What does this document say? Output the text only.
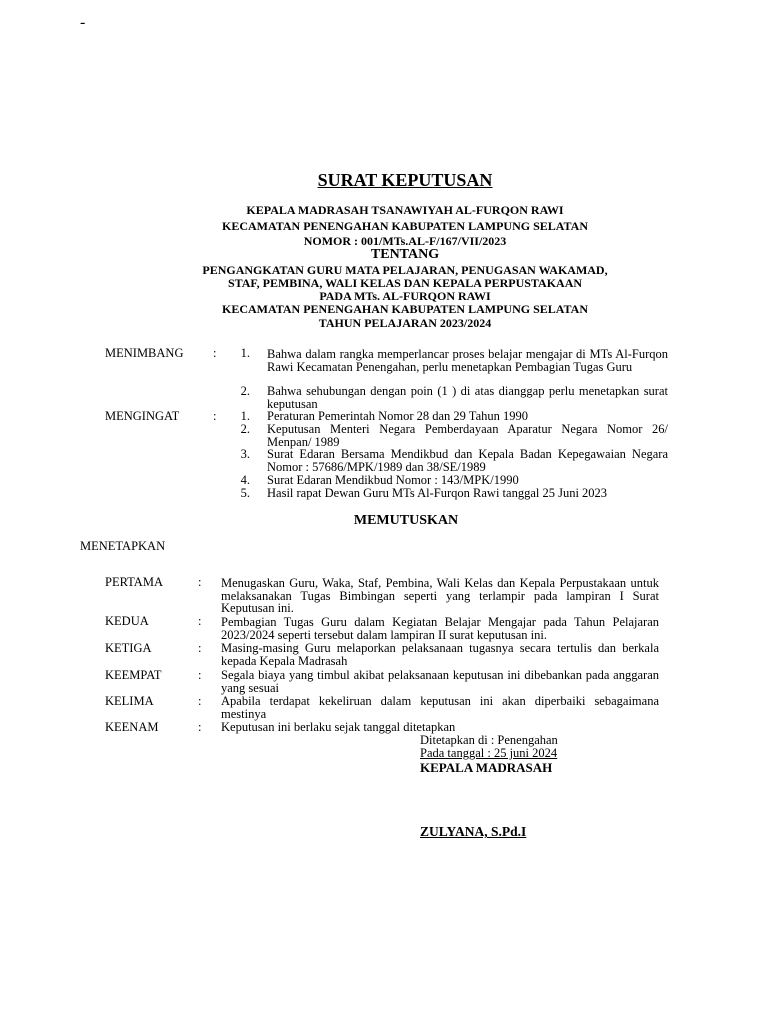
-
SURAT KEPUTUSAN
KEPALA MADRASAH TSANAWIYAH AL-FURQON RAWI
KECAMATAN PENENGAHAN KABUPATEN LAMPUNG SELATAN
NOMOR : 001/MTs.AL-F/167/VII/2023
TENTANG
PENGANGKATAN GURU MATA PELAJARAN, PENUGASAN WAKAMAD,
STAF, PEMBINA, WALI KELAS DAN KEPALA PERPUSTAKAAN
PADA MTs. AL-FURQON RAWI
KECAMATAN PENENGAHAN KABUPATEN LAMPUNG SELATAN
TAHUN PELAJARAN 2023/2024
MENIMBANG :	1. Bahwa dalam rangka memperlancar proses belajar mengajar di MTs Al-Furqon Rawi Kecamatan Penengahan, perlu menetapkan Pembagian Tugas Guru
2. Bahwa sehubungan dengan poin (1 ) di atas dianggap perlu menetapkan surat keputusan
MENGINGAT	:	1. Peraturan Pemerintah Nomor 28 dan 29 Tahun 1990
2. Keputusan Menteri Negara Pemberdayaan Aparatur Negara Nomor 26/ Menpan/ 1989
3. Surat Edaran Bersama Mendikbud dan Kepala Badan Kepegawaian Negara Nomor : 57686/MPK/1989 dan 38/SE/1989
4. Surat Edaran Mendikbud Nomor : 143/MPK/1990
5. Hasil rapat Dewan Guru MTs Al-Furqon Rawi tanggal 25 Juni 2023
MEMUTUSKAN
MENETAPKAN
PERTAMA	: Menugaskan Guru, Waka, Staf, Pembina, Wali Kelas dan Kepala Perpustakaan untuk melaksanakan Tugas Bimbingan seperti yang terlampir pada lampiran I Surat Keputusan ini.
KEDUA	: Pembagian Tugas Guru dalam Kegiatan Belajar Mengajar pada Tahun Pelajaran 2023/2024 seperti tersebut dalam lampiran II surat keputusan ini.
KETIGA	: Masing-masing Guru melaporkan pelaksanaan tugasnya secara tertulis dan berkala kepada Kepala Madrasah
KEEMPAT	: Segala biaya yang timbul akibat pelaksanaan keputusan ini dibebankan pada anggaran yang sesuai
KELIMA	: Apabila terdapat kekeliruan dalam keputusan ini akan diperbaiki sebagaimana mestinya
KEENAM	: Keputusan ini berlaku sejak tanggal ditetapkan
Ditetapkan di : Penengahan
Pada tanggal : 25 juni 2024
KEPALA MADRASAH
ZULYANA, S.Pd.I
